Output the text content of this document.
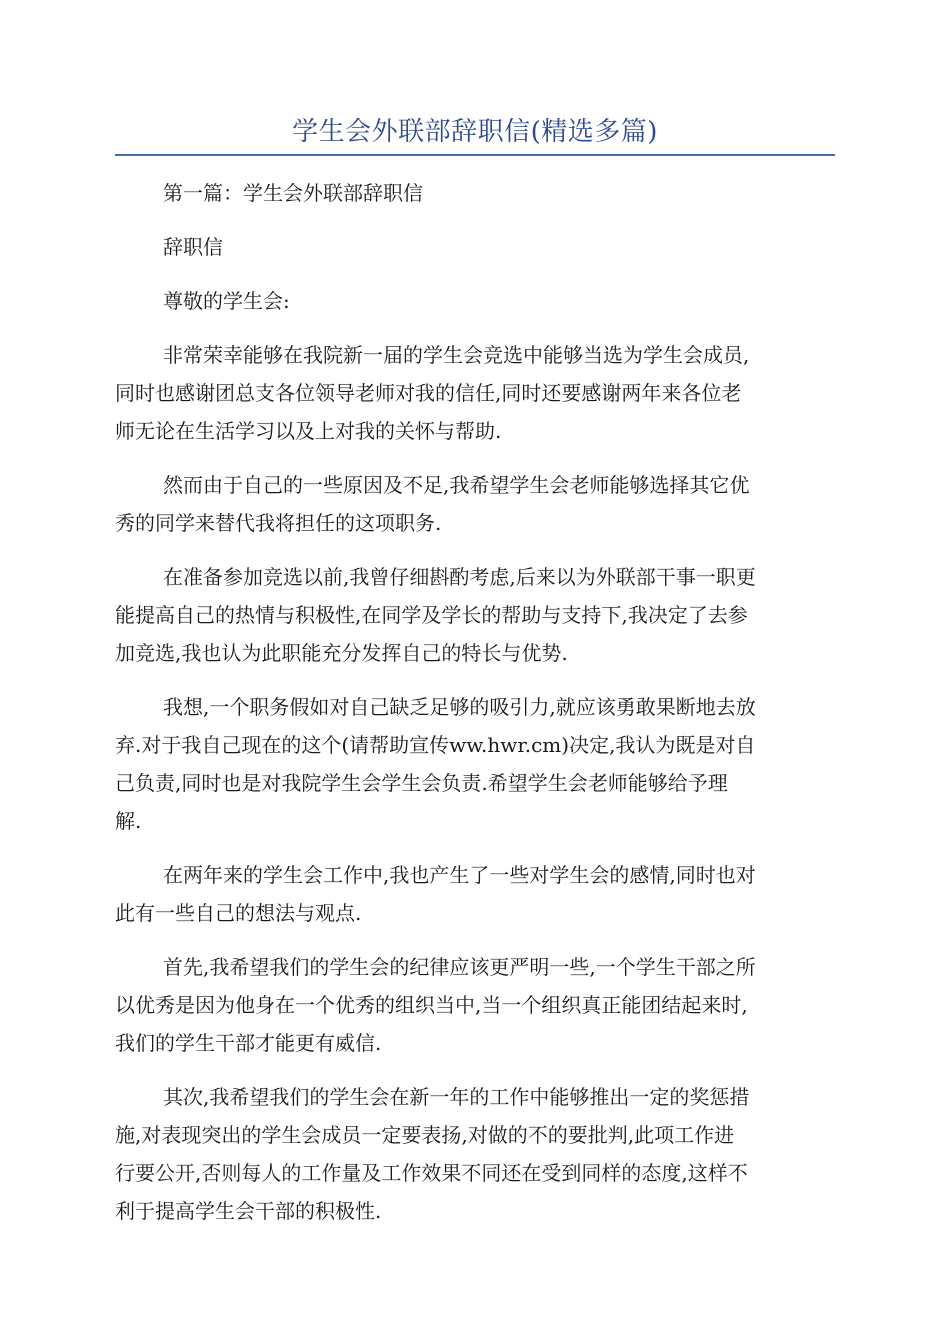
学生会外联部辞职信(精选多篇)
第一篇：学生会外联部辞职信
辞职信
尊敬的学生会:
非常荣幸能够在我院新一届的学生会竞选中能够当选为学生会成员,
同时也感谢团总支各位领导老师对我的信任,同时还要感谢两年来各位老
师无论在生活学习以及上对我的关怀与帮助.
然而由于自己的一些原因及不足,我希望学生会老师能够选择其它优
秀的同学来替代我将担任的这项职务.
在准备参加竞选以前,我曾仔细斟酌考虑,后来以为外联部干事一职更
能提高自己的热情与积极性,在同学及学长的帮助与支持下,我决定了去参
加竞选,我也认为此职能充分发挥自己的特长与优势.
我想,一个职务假如对自己缺乏足够的吸引力,就应该勇敢果断地去放
弃.对于我自己现在的这个(请帮助宣传ww.hwr.cm)决定,我认为既是对自
己负责,同时也是对我院学生会学生会负责.希望学生会老师能够给予理
解.
在两年来的学生会工作中,我也产生了一些对学生会的感情,同时也对
此有一些自己的想法与观点.
首先,我希望我们的学生会的纪律应该更严明一些,一个学生干部之所
以优秀是因为他身在一个优秀的组织当中,当一个组织真正能团结起来时,
我们的学生干部才能更有威信.
其次,我希望我们的学生会在新一年的工作中能够推出一定的奖惩措
施,对表现突出的学生会成员一定要表扬,对做的不的要批判,此项工作进
行要公开,否则每人的工作量及工作效果不同还在受到同样的态度,这样不
利于提高学生会干部的积极性.
